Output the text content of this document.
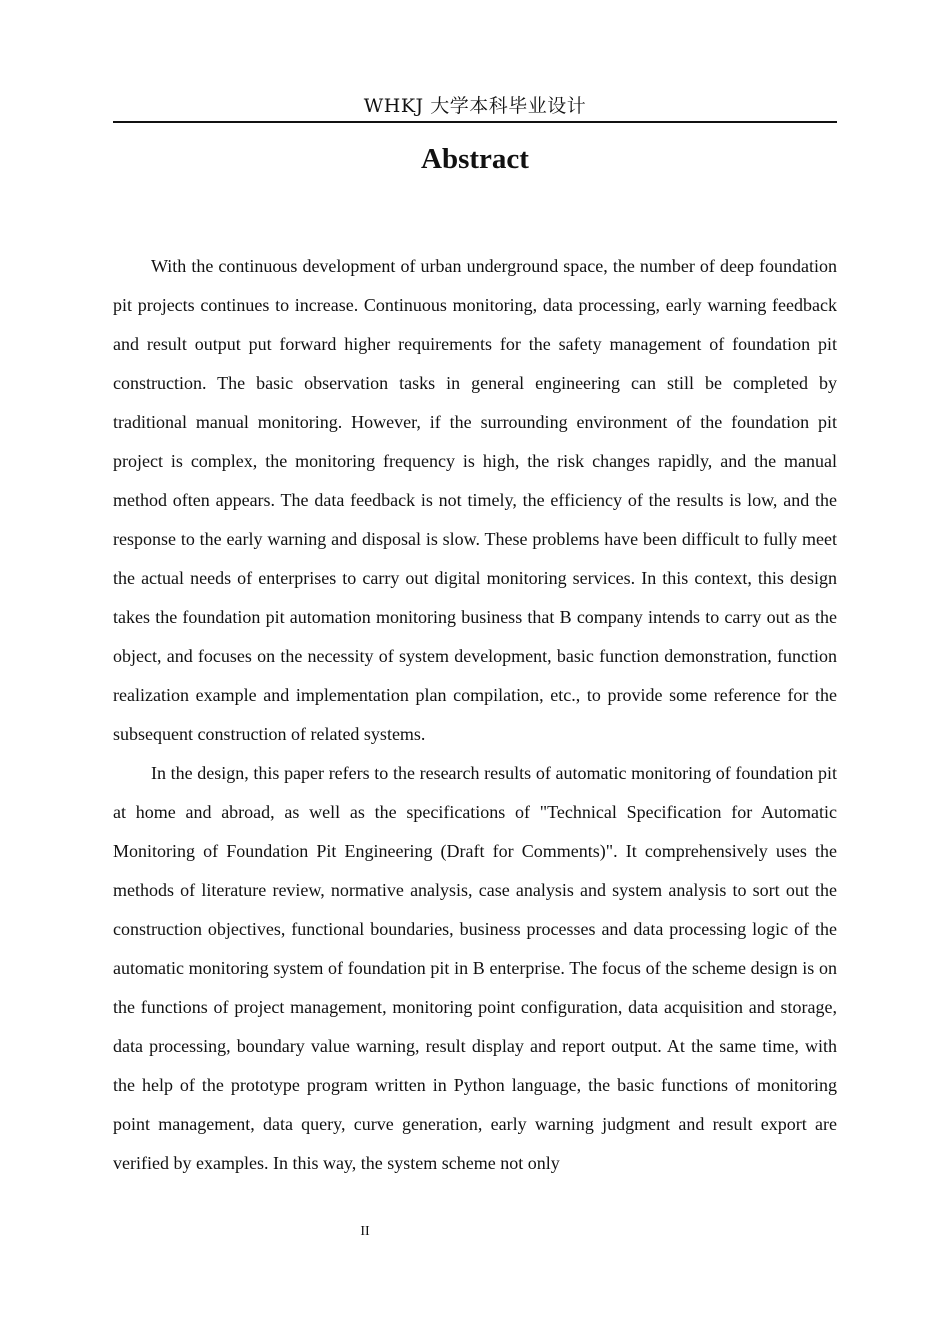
WHKJ 大学本科毕业设计
Abstract

With the continuous development of urban underground space, the number of deep foundation pit projects continues to increase. Continuous monitoring, data processing, early warning feedback and result output put forward higher requirements for the safety management of foundation pit construction. The basic observation tasks in general engineering can still be completed by traditional manual monitoring. However, if the surrounding environment of the foundation pit project is complex, the monitoring frequency is high, the risk changes rapidly, and the manual method often appears. The data feedback is not timely, the efficiency of the results is low, and the response to the early warning and disposal is slow. These problems have been difficult to fully meet the actual needs of enterprises to carry out digital monitoring services. In this context, this design takes the foundation pit automation monitoring business that B company intends to carry out as the object, and focuses on the necessity of system development, basic function demonstration, function realization example and implementation plan compilation, etc., to provide some reference for the subsequent construction of related systems.

In the design, this paper refers to the research results of automatic monitoring of foundation pit at home and abroad, as well as the specifications of "Technical Specification for Automatic Monitoring of Foundation Pit Engineering (Draft for Comments)". It comprehensively uses the methods of literature review, normative analysis, case analysis and system analysis to sort out the construction objectives, functional boundaries, business processes and data processing logic of the automatic monitoring system of foundation pit in B enterprise. The focus of the scheme design is on the functions of project management, monitoring point configuration, data acquisition and storage, data processing, boundary value warning, result display and report output. At the same time, with the help of the prototype program written in Python language, the basic functions of monitoring point management, data query, curve generation, early warning judgment and result export are verified by examples. In this way, the system scheme not only

II
